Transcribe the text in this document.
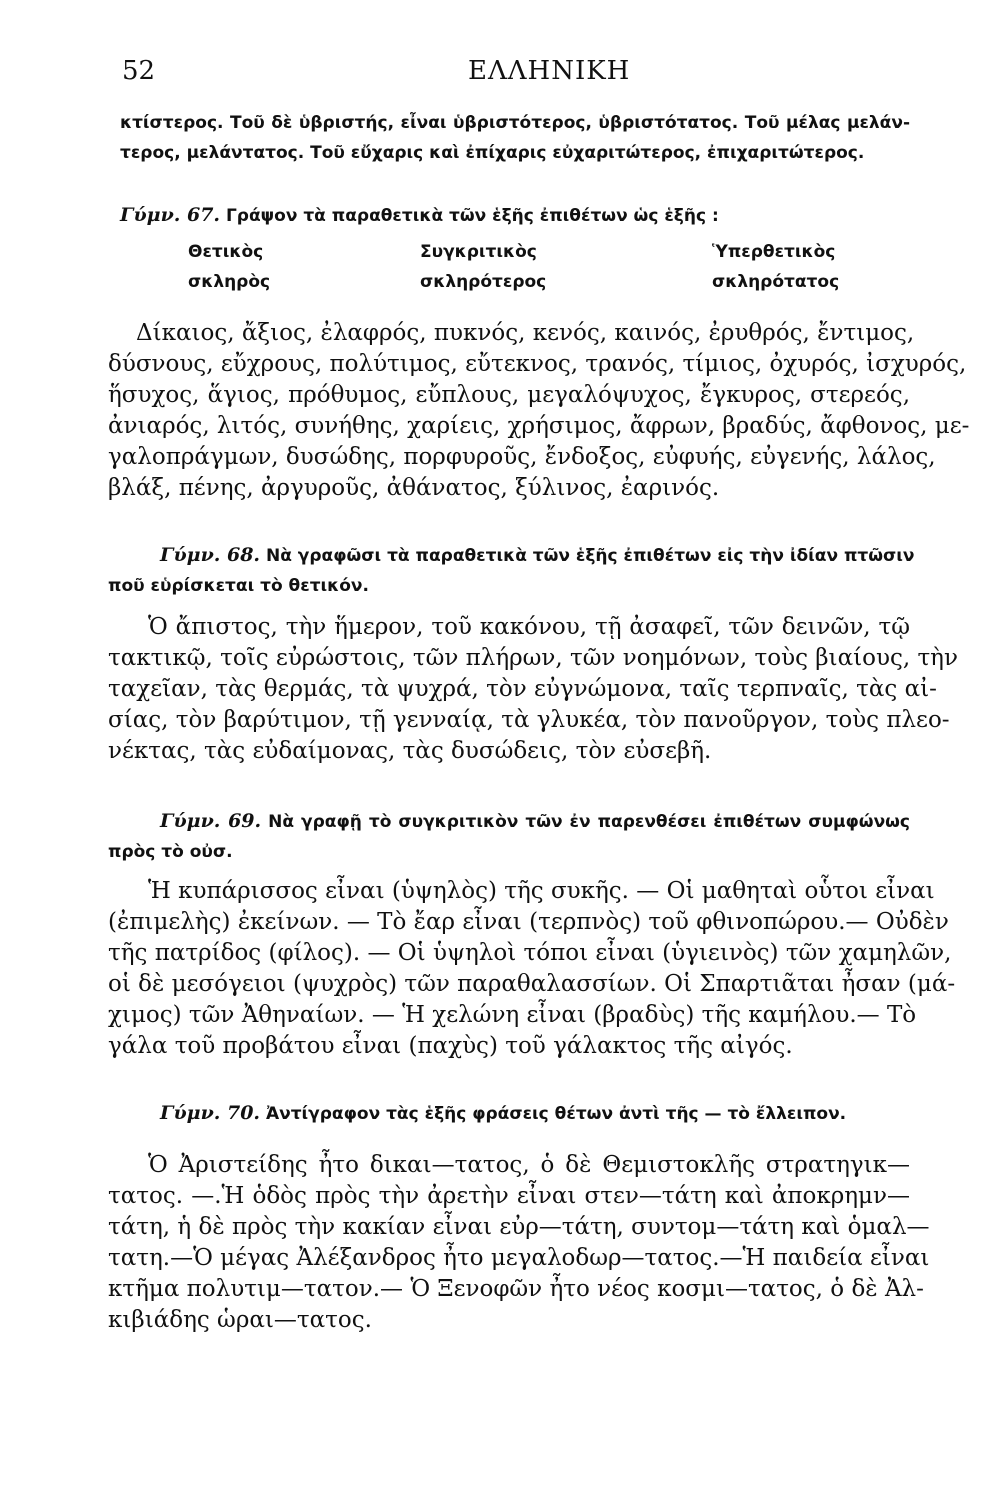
52	ΕΛΛΗΝΙΚΗ
κτίστερος. Τοῦ δὲ ὑβριστής, εἶναι ὑβριστότερος, ὑβριστότατος. Τοῦ μέλας μελάν-
τερος, μελάντατος. Τοῦ εὔχαρις καὶ ἐπίχαρις εὐχαριτώτερος, ἐπιχαριτώτερος.
Γύμν. 67. Γράψον τὰ παραθετικὰ τῶν ἑξῆς ἐπιθέτων ὡς ἑξῆς :
Θετικὸς	Συγκριτικὸς	Ὑπερθετικὸς
σκληρὸς	σκληρότερος	σκληρότατος
Δίκαιος, ἄξιος, ἐλαφρός, πυκνός, κενός, καινός, ἐρυθρός, ἔντιμος,
δύσνους, εὔχρους, πολύτιμος, εὔτεκνος, τρανός, τίμιος, ὀχυρός, ἰσχυρός,
ἥσυχος, ἅγιος, πρόθυμος, εὔπλους, μεγαλόψυχος, ἔγκυρος, στερεός,
ἀνιαρός, λιτός, συνήθης, χαρίεις, χρήσιμος, ἄφρων, βραδύς, ἄφθονος, με-
γαλοπράγμων, δυσώδης, πορφυροῦς, ἔνδοξος, εὐφυής, εὐγενής, λάλος,
βλάξ, πένης, ἀργυροῦς, ἀθάνατος, ξύλινος, ἐαρινός.
Γύμν. 68. Νὰ γραφῶσι τὰ παραθετικὰ τῶν ἑξῆς ἐπιθέτων εἰς τὴν ἰδίαν πτῶσιν
ποῦ εὑρίσκεται τὸ θετικόν.
Ὁ ἄπιστος, τὴν ἥμερον, τοῦ κακόνου, τῇ ἀσαφεῖ, τῶν δεινῶν, τῷ
τακτικῷ, τοῖς εὐρώστοις, τῶν πλήρων, τῶν νοημόνων, τοὺς βιαίους, τὴν
ταχεῖαν, τὰς θερμάς, τὰ ψυχρά, τὸν εὐγνώμονα, ταῖς τερπναῖς, τὰς αἰ-
σίας, τὸν βαρύτιμον, τῇ γενναίᾳ, τὰ γλυκέα, τὸν πανοῦργον, τοὺς πλεο-
νέκτας, τὰς εὐδαίμονας, τὰς δυσώδεις, τὸν εὐσεβῆ.
Γύμν. 69. Νὰ γραφῇ τὸ συγκριτικὸν τῶν ἐν παρενθέσει ἐπιθέτων συμφώνως
πρὸς τὸ οὐσ.
Ἡ κυπάρισσος εἶναι (ὑψηλὸς) τῆς συκῆς. — Οἱ μαθηταὶ οὗτοι εἶναι
(ἐπιμελὴς) ἐκείνων. — Τὸ ἔαρ εἶναι (τερπνὸς) τοῦ φθινοπώρου.— Οὐδὲν
τῆς πατρίδος (φίλος). — Οἱ ὑψηλοὶ τόποι εἶναι (ὑγιεινὸς) τῶν χαμηλῶν,
οἱ δὲ μεσόγειοι (ψυχρὸς) τῶν παραθαλασσίων. Οἱ Σπαρτιᾶται ἦσαν (μά-
χιμος) τῶν Ἀθηναίων. — Ἡ χελώνη εἶναι (βραδὺς) τῆς καμήλου.— Τὸ
γάλα τοῦ προβάτου εἶναι (παχὺς) τοῦ γάλακτος τῆς αἰγός.
Γύμν. 70. Ἀντίγραφον τὰς ἑξῆς φράσεις θέτων ἀντὶ τῆς — τὸ ἔλλειπον.
Ὁ Ἀριστείδης ἦτο δικαι—τατος, ὁ δὲ Θεμιστοκλῆς στρατηγικ—
τατος. —.Ἡ ὁδὸς πρὸς τὴν ἀρετὴν εἶναι στεν—τάτη καὶ ἀποκρημν—
τάτη, ἡ δὲ πρὸς τὴν κακίαν εἶναι εὐρ—τάτη, συντομ—τάτη καὶ ὁμαλ—
τατη.—Ὁ μέγας Ἀλέξανδρος ἦτο μεγαλοδωρ—τατος.—Ἡ παιδεία εἶναι
κτῆμα πολυτιμ—τατον.— Ὁ Ξενοφῶν ἦτο νέος κοσμι—τατος, ὁ δὲ Ἀλ-
κιβιάδης ὡραι—τατος.
